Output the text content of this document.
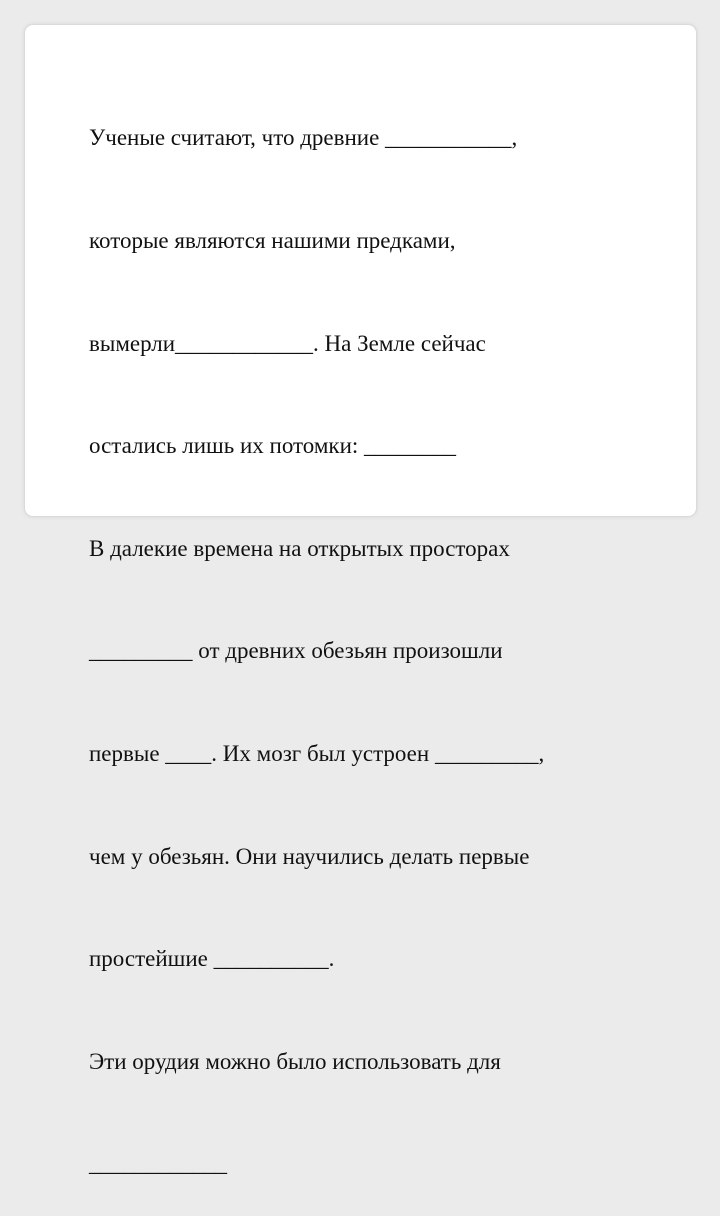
Ученые считают, что древние ___________,

которые являются нашими предками,

вымерли____________. На Земле сейчас

остались лишь их потомки: ________

В далекие времена на открытых просторах

_________ от древних обезьян произошли

первые ____. Их мозг был устроен _________,

чем у обезьян. Они научились делать первые

простейшие __________.

Эти орудия можно было использовать для

____________
